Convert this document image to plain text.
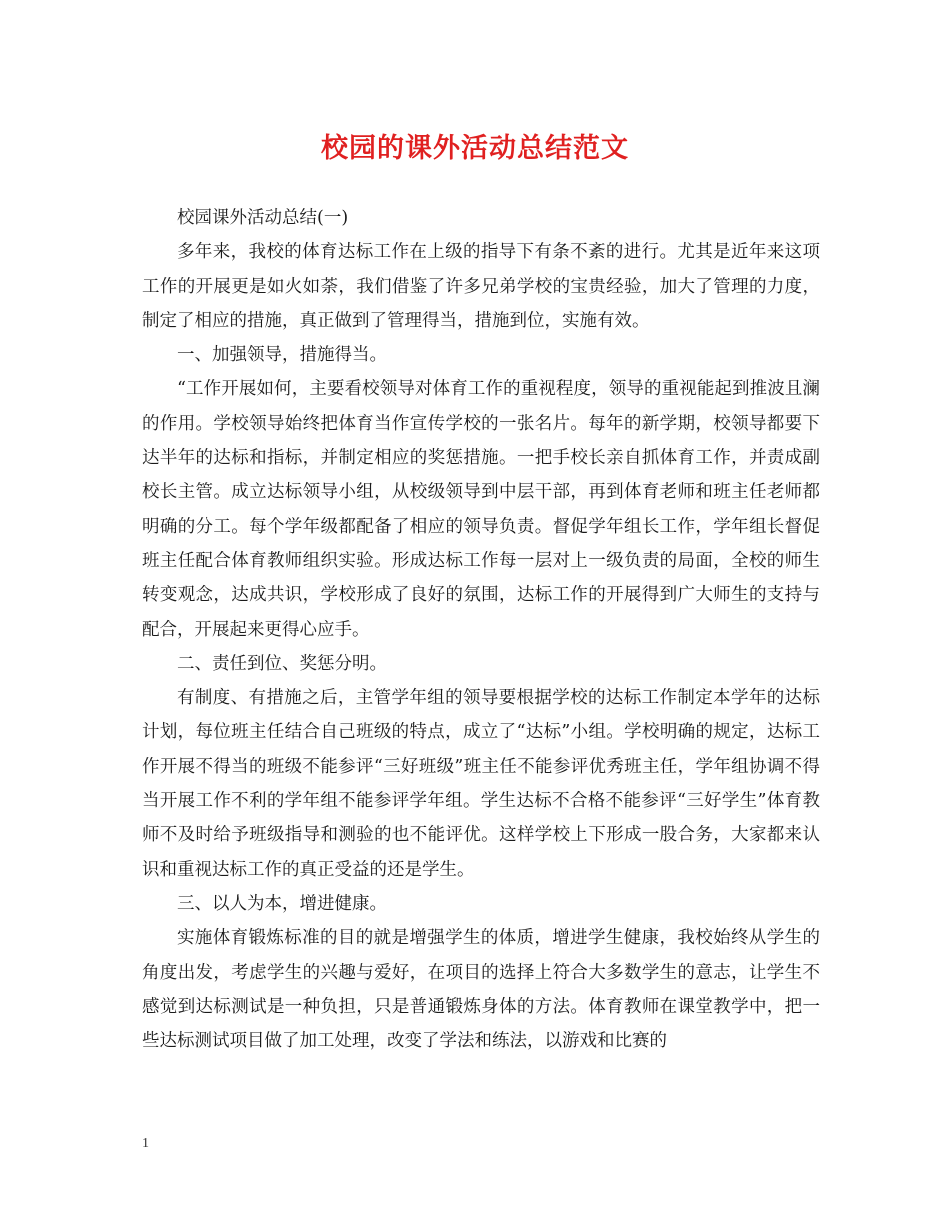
校园的课外活动总结范文

校园课外活动总结(一)

多年来，我校的体育达标工作在上级的指导下有条不紊的进行。尤其是近年来这项工作的开展更是如火如荼，我们借鉴了许多兄弟学校的宝贵经验，加大了管理的力度，制定了相应的措施，真正做到了管理得当，措施到位，实施有效。

一、加强领导，措施得当。

“工作开展如何，主要看校领导对体育工作的重视程度，领导的重视能起到推波且澜的作用。学校领导始终把体育当作宣传学校的一张名片。每年的新学期，校领导都要下达半年的达标和指标，并制定相应的奖惩措施。一把手校长亲自抓体育工作，并责成副校长主管。成立达标领导小组，从校级领导到中层干部，再到体育老师和班主任老师都明确的分工。每个学年级都配备了相应的领导负责。督促学年组长工作，学年组长督促班主任配合体育教师组织实验。形成达标工作每一层对上一级负责的局面，全校的师生转变观念，达成共识，学校形成了良好的氛围，达标工作的开展得到广大师生的支持与配合，开展起来更得心应手。

二、责任到位、奖惩分明。

有制度、有措施之后，主管学年组的领导要根据学校的达标工作制定本学年的达标计划，每位班主任结合自己班级的特点，成立了“达标”小组。学校明确的规定，达标工作开展不得当的班级不能参评“三好班级”班主任不能参评优秀班主任，学年组协调不得当开展工作不利的学年组不能参评学年组。学生达标不合格不能参评“三好学生”体育教师不及时给予班级指导和测验的也不能评优。这样学校上下形成一股合务，大家都来认识和重视达标工作的真正受益的还是学生。

三、以人为本，增进健康。

实施体育锻炼标准的目的就是增强学生的体质，增进学生健康，我校始终从学生的角度出发，考虑学生的兴趣与爱好，在项目的选择上符合大多数学生的意志，让学生不感觉到达标测试是一种负担，只是普通锻炼身体的方法。体育教师在课堂教学中，把一些达标测试项目做了加工处理，改变了学法和练法，以游戏和比赛的

1
